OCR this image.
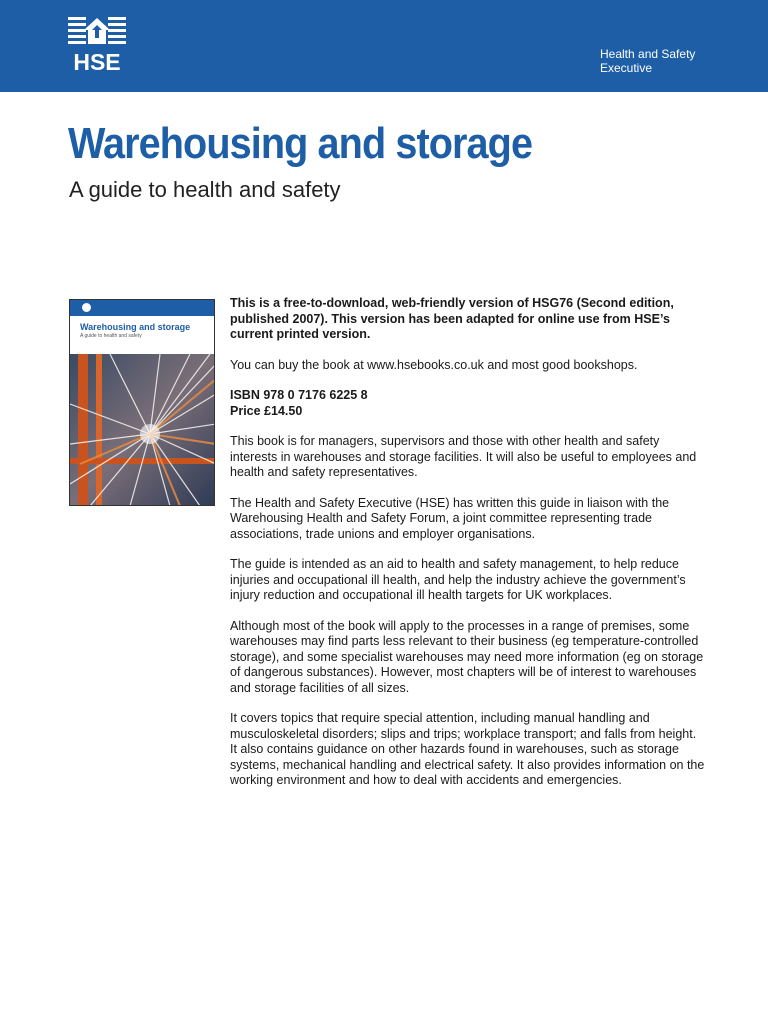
HSE	Health and Safety
Executive
Warehousing and storage
A guide to health and safety
Warehousing and storage
A guide to health and safety

This is a free-to-download, web-friendly version of HSG76 (Second edition, published 2007). This version has been adapted for online use from HSE’s current printed version.

You can buy the book at www.hsebooks.co.uk and most good bookshops.

ISBN 978 0 7176 6225 8
Price £14.50

This book is for managers, supervisors and those with other health and safety interests in warehouses and storage facilities. It will also be useful to employees and health and safety representatives.

The Health and Safety Executive (HSE) has written this guide in liaison with the Warehousing Health and Safety Forum, a joint committee representing trade associations, trade unions and employer organisations.

The guide is intended as an aid to health and safety management, to help reduce injuries and occupational ill health, and help the industry achieve the government’s injury reduction and occupational ill health targets for UK workplaces.

Although most of the book will apply to the processes in a range of premises, some warehouses may find parts less relevant to their business (eg temperature-controlled storage), and some specialist warehouses may need more information (eg on storage of dangerous substances). However, most chapters will be of interest to warehouses and storage facilities of all sizes.

It covers topics that require special attention, including manual handling and musculoskeletal disorders; slips and trips; workplace transport; and falls from height. It also contains guidance on other hazards found in warehouses, such as storage systems, mechanical handling and electrical safety. It also provides information on the working environment and how to deal with accidents and emergencies.
